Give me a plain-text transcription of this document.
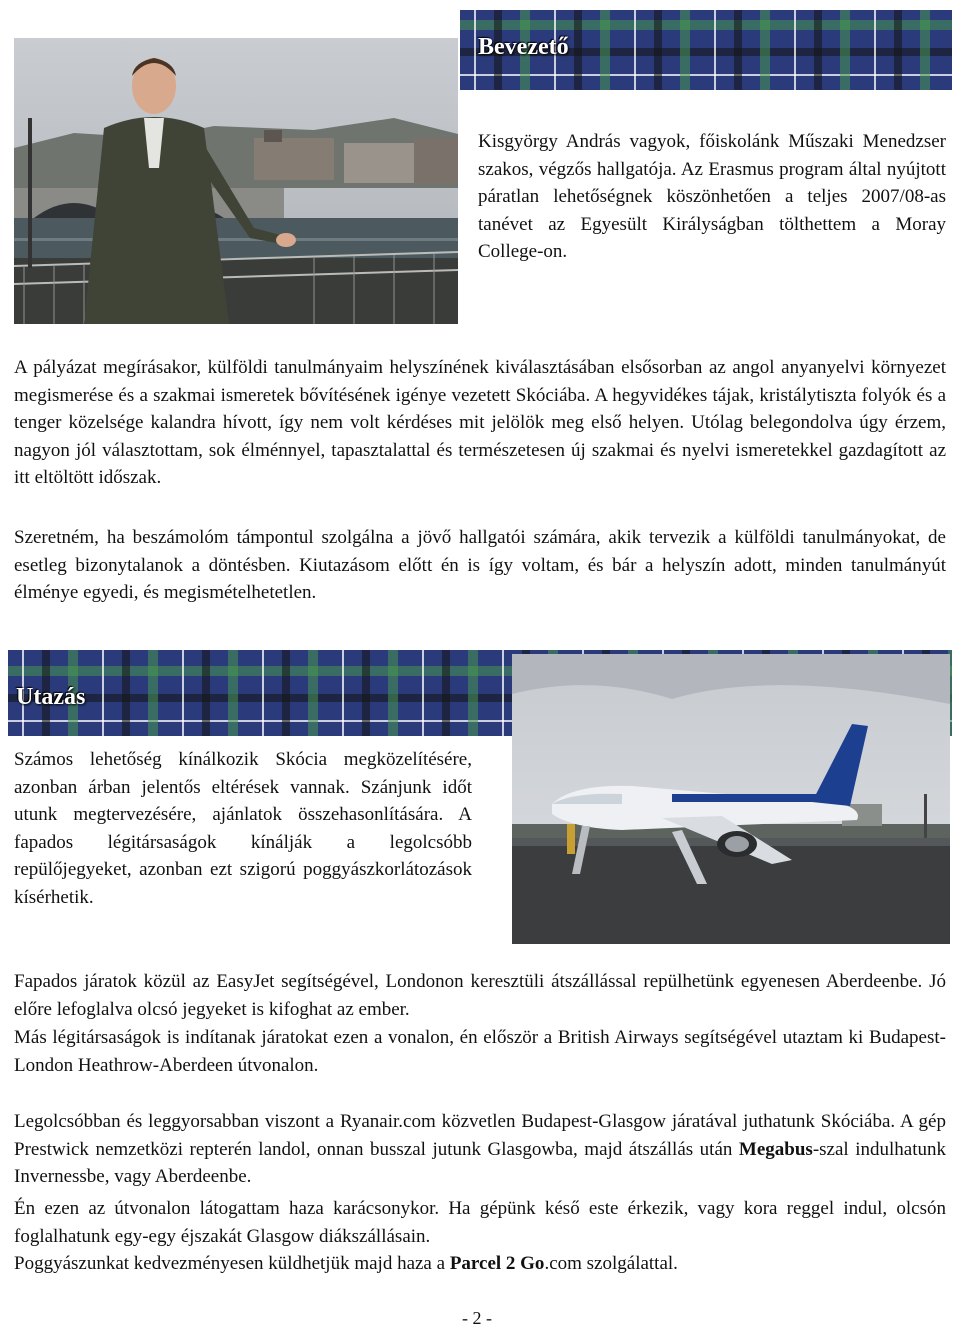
Bevezető

Kisgyörgy András vagyok, főiskolánk Műszaki Menedzser szakos, végzős hallgatója. Az Erasmus program által nyújtott páratlan lehetőségnek köszönhetően a teljes 2007/08-as tanévet az Egyesült Királyságban tölthettem a Moray College-on.

A pályázat megírásakor, külföldi tanulmányaim helyszínének kiválasztásában elsősorban az angol anyanyelvi környezet megismerése és a szakmai ismeretek bővítésének igénye vezetett Skóciába. A hegyvidékes tájak, kristálytiszta folyók és a tenger közelsége kalandra hívott, így nem volt kérdéses mit jelölök meg első helyen. Utólag belegondolva úgy érzem, nagyon jól választottam, sok élménnyel, tapasztalattal és természetesen új szakmai és nyelvi ismeretekkel gazdagított az itt eltöltött időszak.

Szeretném, ha beszámolóm támpontul szolgálna a jövő hallgatói számára, akik tervezik a külföldi tanulmányokat, de esetleg bizonytalanok a döntésben. Kiutazásom előtt én is így voltam, és bár a helyszín adott, minden tanulmányút élménye egyedi, és megismételhetetlen.

Utazás

Számos lehetőség kínálkozik Skócia megközelítésére, azonban árban jelentős eltérések vannak. Szánjunk időt utunk megtervezésére, ajánlatok összehasonlítására. A fapados légitársaságok kínálják a legolcsóbb repülőjegyeket, azonban ezt szigorú poggyászkorlátozások kísérhetik.

Fapados járatok közül az EasyJet segítségével, Londonon keresztüli átszállással repülhetünk egyenesen Aberdeenbe. Jó előre lefoglalva olcsó jegyeket is kifoghat az ember.

Más légitársaságok is indítanak járatokat ezen a vonalon, én először a British Airways segítségével utaztam ki Budapest-London Heathrow-Aberdeen útvonalon.

Legolcsóbban és leggyorsabban viszont a Ryanair.com közvetlen Budapest-Glasgow járatával juthatunk Skóciába. A gép Prestwick nemzetközi repterén landol, onnan busszal jutunk Glasgowba, majd átszállás után Megabus-szal indulhatunk Invernessbe, vagy Aberdeenbe.

Én ezen az útvonalon látogattam haza karácsonykor. Ha gépünk késő este érkezik, vagy kora reggel indul, olcsón foglalhatunk egy-egy éjszakát Glasgow diákszállásain.

Poggyászunkat kedvezményesen küldhetjük majd haza a Parcel 2 Go.com szolgálattal.

- 2 -
